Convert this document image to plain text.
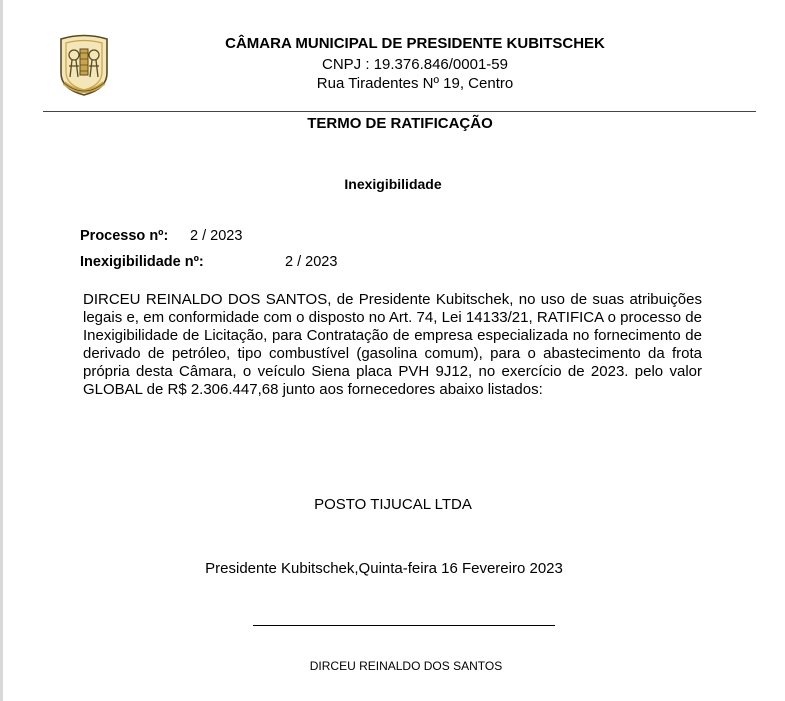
CÂMARA MUNICIPAL DE PRESIDENTE KUBITSCHEK
CNPJ : 19.376.846/0001-59
Rua Tiradentes Nº 19, Centro
TERMO DE RATIFICAÇÃO
Inexigibilidade
Processo nº: 2 / 2023
Inexigibilidade nº:	2 / 2023
DIRCEU REINALDO DOS SANTOS, de Presidente Kubitschek, no uso de suas atribuições legais e, em conformidade com o disposto no Art. 74, Lei 14133/21, RATIFICA o processo de Inexigibilidade de Licitação, para Contratação de empresa especializada no fornecimento de derivado de petróleo, tipo combustível (gasolina comum), para o abastecimento da frota própria desta Câmara, o veículo Siena placa PVH 9J12, no exercício de 2023. pelo valor GLOBAL de R$ 2.306.447,68 junto aos fornecedores abaixo listados:
POSTO TIJUCAL LTDA
Presidente Kubitschek,Quinta-feira 16 Fevereiro 2023
DIRCEU REINALDO DOS SANTOS
